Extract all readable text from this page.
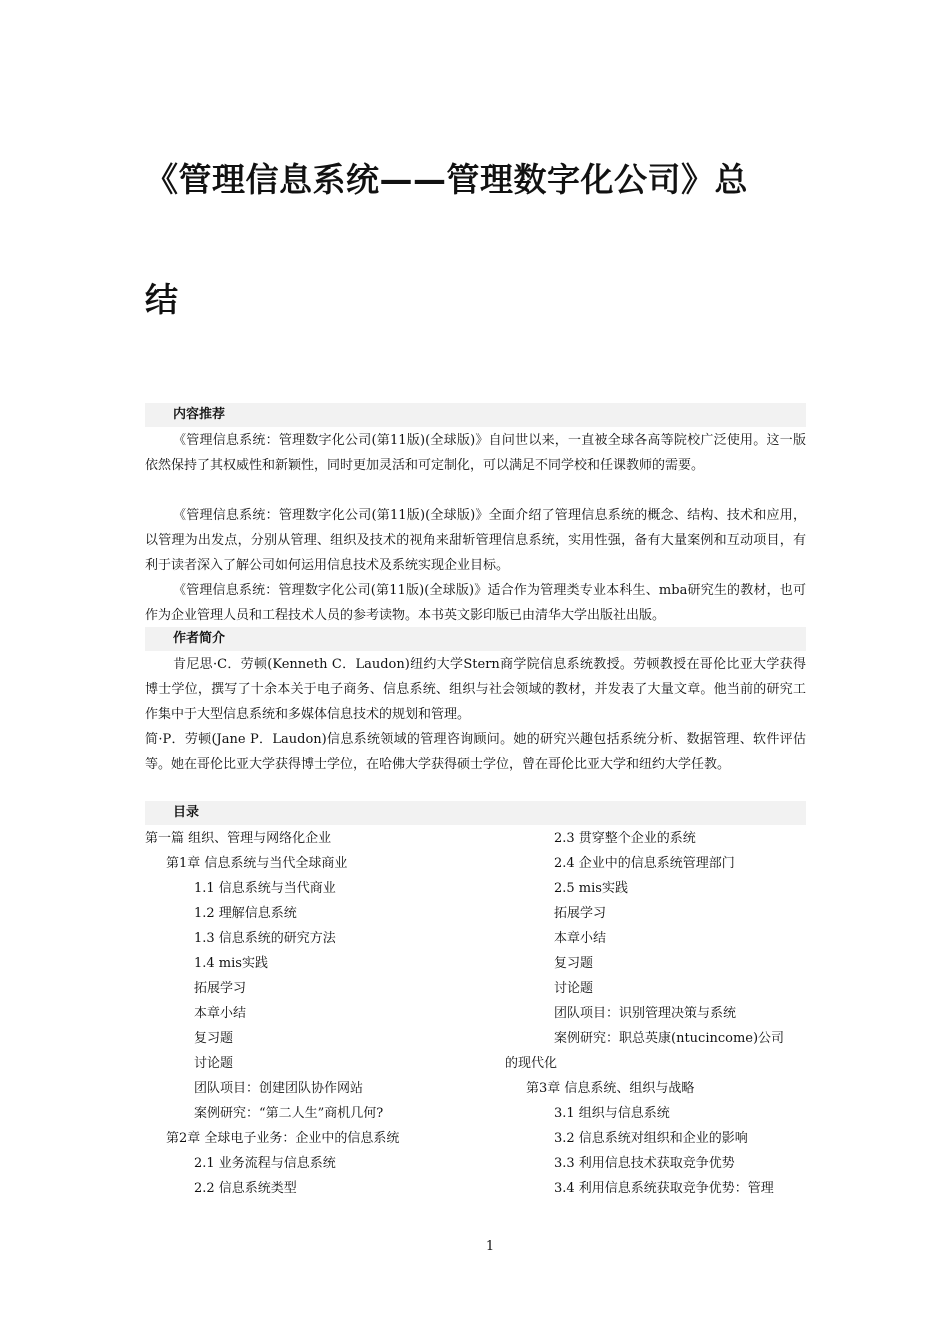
《管理信息系统——管理数字化公司》总
结
内容推荐

《管理信息系统：管理数字化公司(第11版)(全球版)》自问世以来，一直被全球各高等院校广泛使用。这一版依然保持了其权威性和新颖性，同时更加灵活和可定制化，可以满足不同学校和任课教师的需要。

《管理信息系统：管理数字化公司(第11版)(全球版)》全面介绍了管理信息系统的概念、结构、技术和应用，以管理为出发点，分别从管理、组织及技术的视角来甜斩管理信息系统，实用性强，备有大量案例和互动项目，有利于读者深入了解公司如何运用信息技术及系统实现企业目标。

《管理信息系统：管理数字化公司(第11版)(全球版)》适合作为管理类专业本科生、mba研究生的教材，也可作为企业管理人员和工程技术人员的参考读物。本书英文影印版已由清华大学出版社出版。

作者简介

肯尼思·C．劳顿(Kenneth C．Laudon)纽约大学Stern商学院信息系统教授。劳顿教授在哥伦比亚大学获得博士学位，撰写了十余本关于电子商务、信息系统、组织与社会领域的教材，并发表了大量文章。他当前的研究工作集中于大型信息系统和多媒体信息技术的规划和管理。

简·P．劳顿(Jane P．Laudon)信息系统领域的管理咨询顾问。她的研究兴趣包括系统分析、数据管理、软件评估等。她在哥伦比亚大学获得博士学位，在哈佛大学获得硕士学位，曾在哥伦比亚大学和纽约大学任教。

目录
第一篇 组织、管理与网络化企业
第1章 信息系统与当代全球商业
1.1 信息系统与当代商业
1.2 理解信息系统
1.3 信息系统的研究方法
1.4 mis实践
拓展学习
本章小结
复习题
讨论题
团队项目：创建团队协作网站
案例研究：“第二人生”商机几何?
第2章 全球电子业务：企业中的信息系统
2.1 业务流程与信息系统
2.2 信息系统类型
2.3 贯穿整个企业的系统
2.4 企业中的信息系统管理部门
2.5 mis实践
拓展学习
本章小结
复习题
讨论题
团队项目：识别管理决策与系统
案例研究：职总英康(ntucincome)公司
的现代化
第3章 信息系统、组织与战略
3.1 组织与信息系统
3.2 信息系统对组织和企业的影响
3.3 利用信息技术获取竞争优势
3.4 利用信息系统获取竞争优势：管理
1
